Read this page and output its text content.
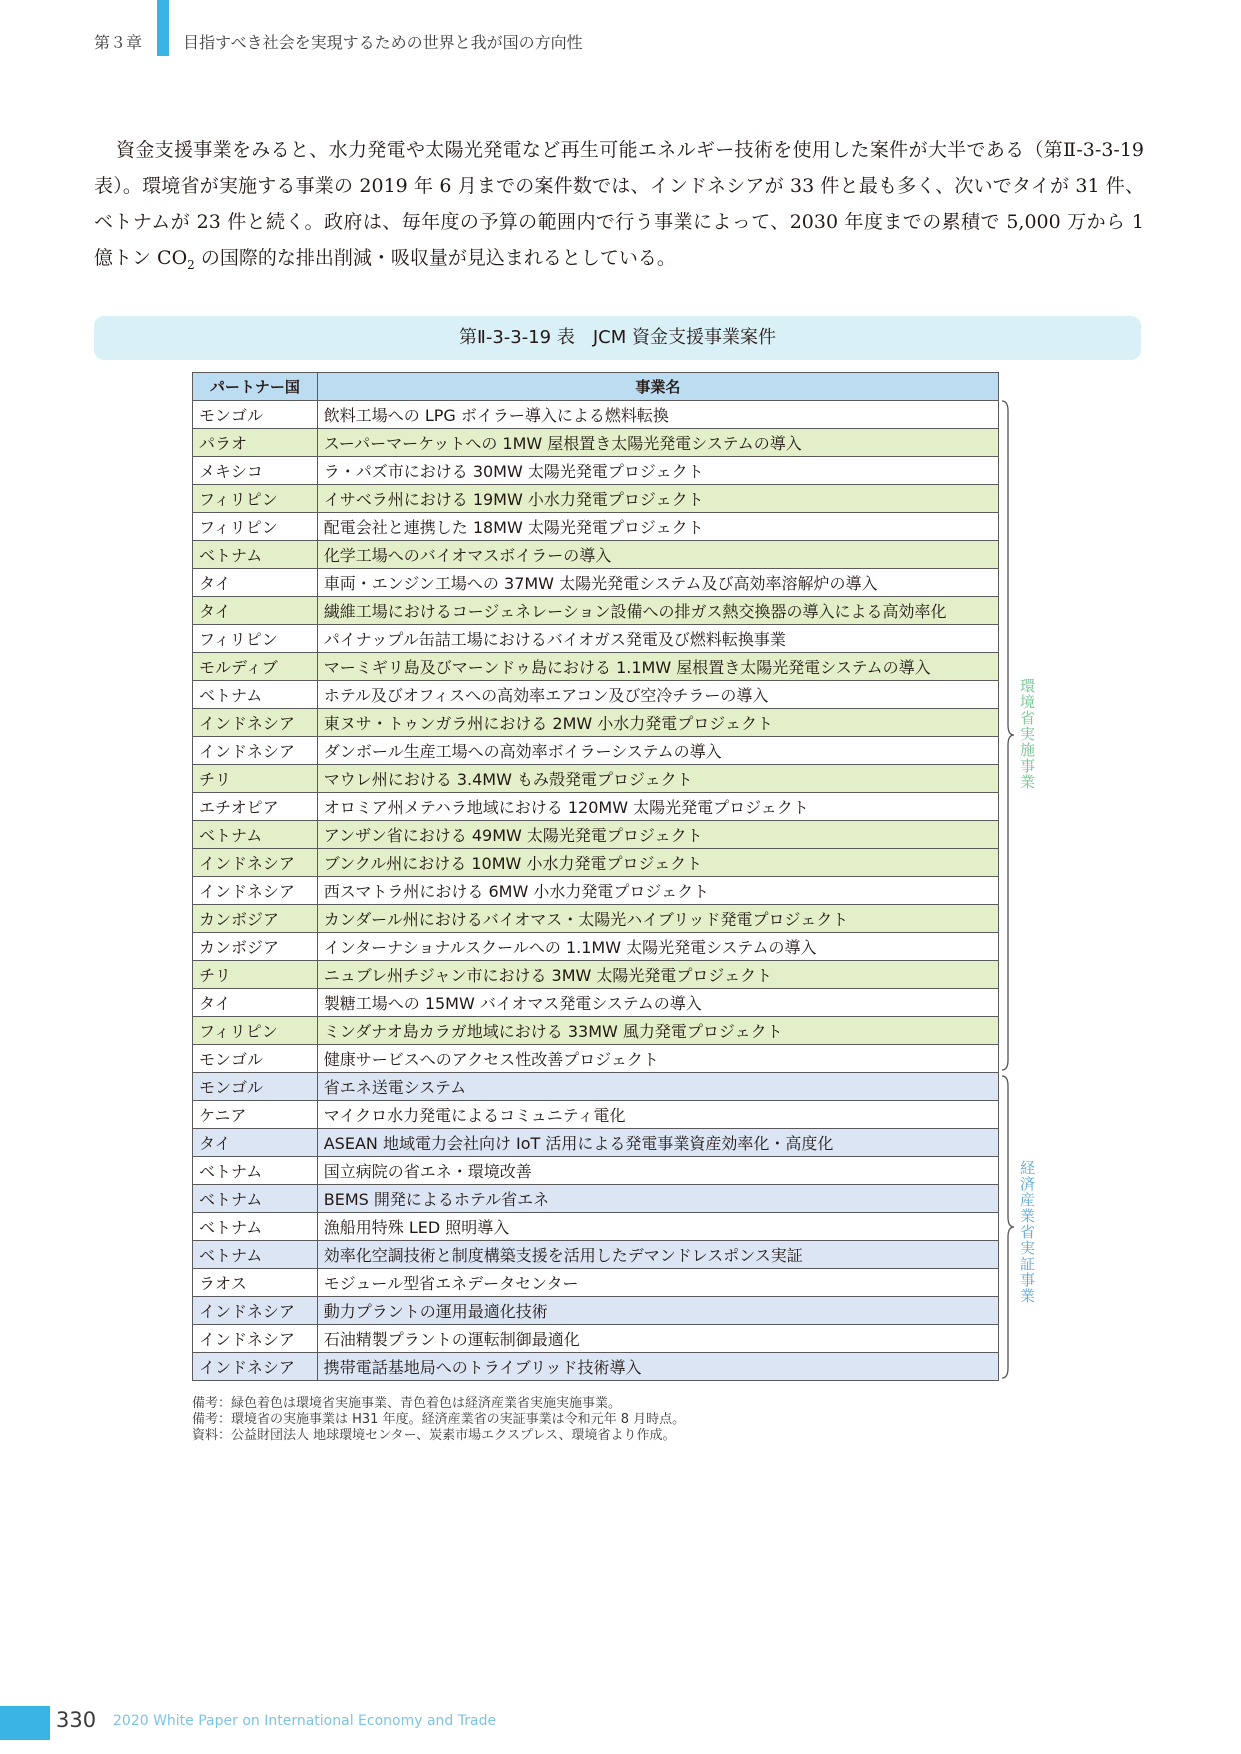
第３章	目指すべき社会を実現するための世界と我が国の方向性

資金支援事業をみると、水力発電や太陽光発電など再生可能エネルギー技術を使用した案件が大半である（第Ⅱ-3-3-19 表）。環境省が実施する事業の 2019 年 6 月までの案件数では、インドネシアが 33 件と最も多く、次いでタイが 31 件、ベトナムが 23 件と続く。政府は、毎年度の予算の範囲内で行う事業によって、2030 年度までの累積で 5,000 万から 1 億トン $CO_2$ の国際的な排出削減・吸収量が見込まれるとしている。

第Ⅱ-3-3-19 表　JCM 資金支援事業案件
パートナー国	事業名
モンゴル	飲料工場への LPG ボイラー導入による燃料転換
パラオ	スーパーマーケットへの 1MW 屋根置き太陽光発電システムの導入
メキシコ	ラ・パズ市における 30MW 太陽光発電プロジェクト
フィリピン	イサベラ州における 19MW 小水力発電プロジェクト
フィリピン	配電会社と連携した 18MW 太陽光発電プロジェクト
ベトナム	化学工場へのバイオマスボイラーの導入
タイ	車両・エンジン工場への 37MW 太陽光発電システム及び高効率溶解炉の導入
タイ	繊維工場におけるコージェネレーション設備への排ガス熱交換器の導入による高効率化
フィリピン	パイナップル缶詰工場におけるバイオガス発電及び燃料転換事業
モルディブ	マーミギリ島及びマーンドゥ島における 1.1MW 屋根置き太陽光発電システムの導入
ベトナム	ホテル及びオフィスへの高効率エアコン及び空冷チラーの導入
インドネシア	東ヌサ・トゥンガラ州における 2MW 小水力発電プロジェクト
インドネシア	ダンボール生産工場への高効率ボイラーシステムの導入
チリ	マウレ州における 3.4MW もみ殻発電プロジェクト
エチオピア	オロミア州メテハラ地域における 120MW 太陽光発電プロジェクト
ベトナム	アンザン省における 49MW 太陽光発電プロジェクト
インドネシア	ブンクル州における 10MW 小水力発電プロジェクト
インドネシア	西スマトラ州における 6MW 小水力発電プロジェクト
カンボジア	カンダール州におけるバイオマス・太陽光ハイブリッド発電プロジェクト
カンボジア	インターナショナルスクールへの 1.1MW 太陽光発電システムの導入
チリ	ニュブレ州チジャン市における 3MW 太陽光発電プロジェクト
タイ	製糖工場への 15MW バイオマス発電システムの導入
フィリピン	ミンダナオ島カラガ地域における 33MW 風力発電プロジェクト
モンゴル	健康サービスへのアクセス性改善プロジェクト
モンゴル	省エネ送電システム
ケニア	マイクロ水力発電によるコミュニティ電化
タイ	ASEAN 地域電力会社向け IoT 活用による発電事業資産効率化・高度化
ベトナム	国立病院の省エネ・環境改善
ベトナム	BEMS 開発によるホテル省エネ
ベトナム	漁船用特殊 LED 照明導入
ベトナム	効率化空調技術と制度構築支援を活用したデマンドレスポンス実証
ラオス	モジュール型省エネデータセンター
インドネシア	動力プラントの運用最適化技術
インドネシア	石油精製プラントの運転制御最適化
インドネシア	携帯電話基地局へのトライブリッド技術導入
環境省実施事業
経済産業省実証事業
備考：緑色着色は環境省実施事業、青色着色は経済産業省実施実施事業。
備考：環境省の実施事業は H31 年度。経済産業省の実証事業は令和元年 8 月時点。
資料：公益財団法人 地球環境センター、炭素市場エクスプレス、環境省より作成。
330 2020 White Paper on International Economy and Trade
